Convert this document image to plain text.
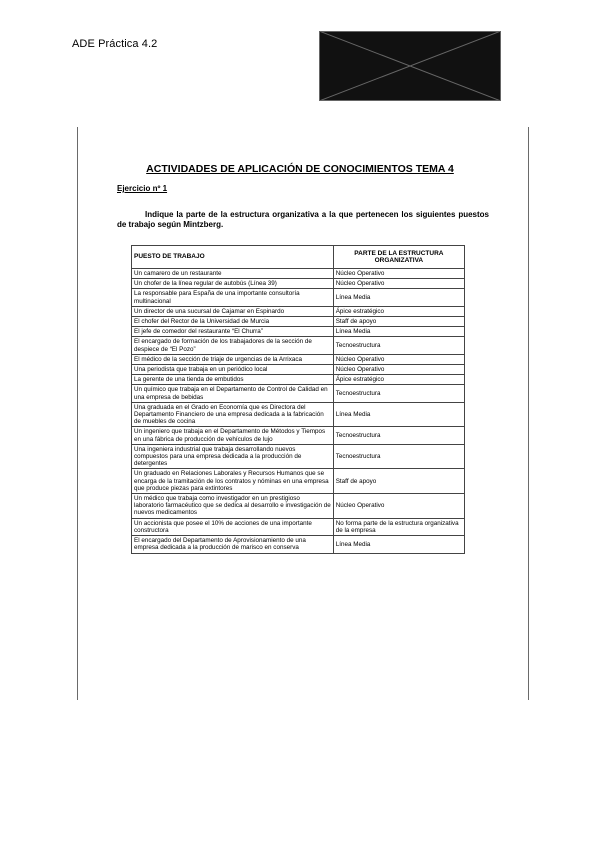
ADE Práctica 4.2
ACTIVIDADES DE APLICACIÓN DE CONOCIMIENTOS TEMA 4
Ejercicio nº 1
Indique la parte de la estructura organizativa a la que pertenecen los siguientes puestos de trabajo según Mintzberg.
PUESTO DE TRABAJO	PARTE DE LA ESTRUCTURA ORGANIZATIVA
Un camarero de un restaurante	Núcleo Operativo
Un chofer de la línea regular de autobús (Línea 39)	Núcleo Operativo
La responsable para España de una importante consultoría multinacional	Línea Media
Un director de una sucursal de Cajamar en Espinardo	Ápice estratégico
El chofer del Rector de la Universidad de Murcia	Staff de apoyo
El jefe de comedor del restaurante “El Churra”	Línea Media
El encargado de formación de los trabajadores de la sección de despiece de “El Pozo”	Tecnoestructura
El médico de la sección de triaje de urgencias de la Arrixaca	Núcleo Operativo
Una periodista que trabaja en un periódico local	Núcleo Operativo
La gerente de una tienda de embutidos	Ápice estratégico
Un químico que trabaja en el Departamento de Control de Calidad en una empresa de bebidas	Tecnoestructura
Una graduada en el Grado en Economía que es Directora del Departamento Financiero de una empresa dedicada a la fabricación de muebles de cocina	Línea Media
Un ingeniero que trabaja en el Departamento de Métodos y Tiempos en una fábrica de producción de vehículos de lujo	Tecnoestructura
Una ingeniera industrial que trabaja desarrollando nuevos compuestos para una empresa dedicada a la producción de detergentes	Tecnoestructura
Un graduado en Relaciones Laborales y Recursos Humanos que se encarga de la tramitación de los contratos y nóminas en una empresa que produce piezas para extintores	Staff de apoyo
Un médico que trabaja como investigador en un prestigioso laboratorio farmacéutico que se dedica al desarrollo e investigación de nuevos medicamentos	Núcleo Operativo
Un accionista que posee el 10% de acciones de una importante constructora	No forma parte de la estructura organizativa de la empresa
El encargado del Departamento de Aprovisionamiento de una empresa dedicada a la producción de marisco en conserva	Línea Media
